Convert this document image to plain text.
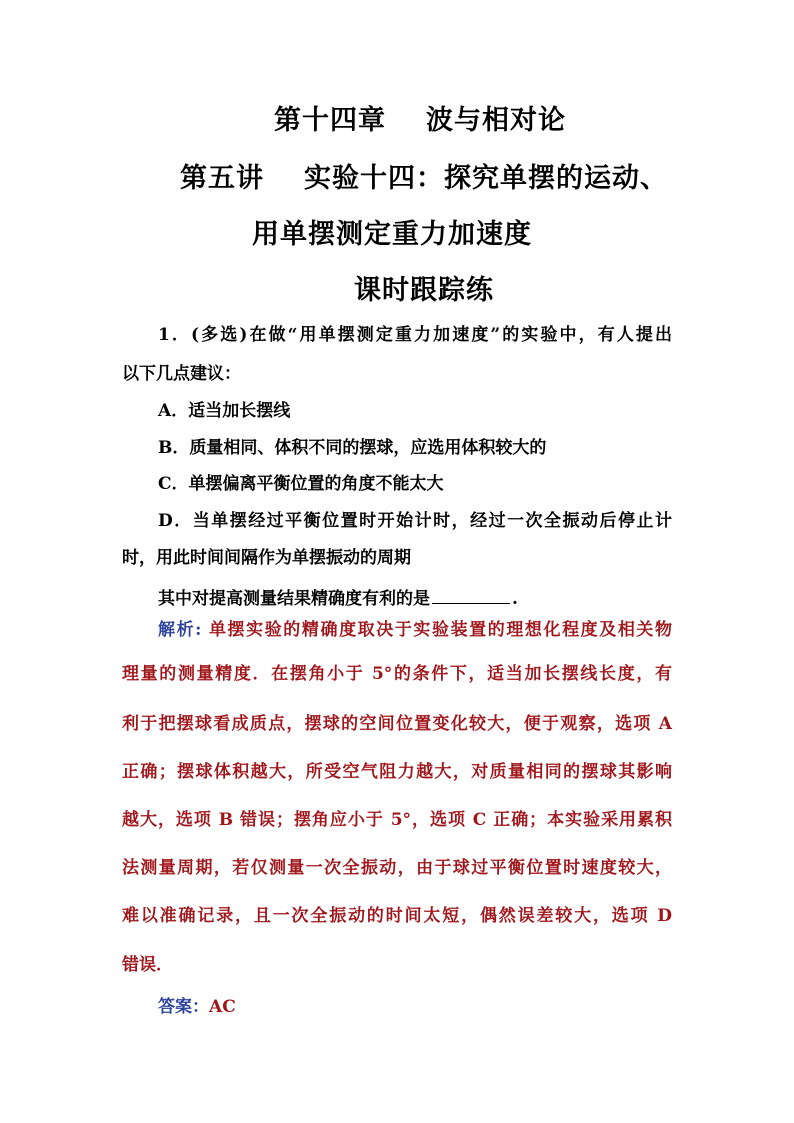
第十四章 波与相对论
第五讲 实验十四：探究单摆的运动、
用单摆测定重力加速度
课时跟踪练
1．(多选)在做“用单摆测定重力加速度”的实验中，有人提出
以下几点建议：
A．适当加长摆线
B．质量相同、体积不同的摆球，应选用体积较大的
C．单摆偏离平衡位置的角度不能太大
D．当单摆经过平衡位置时开始计时，经过一次全振动后停止计
时，用此时间间隔作为单摆振动的周期
其中对提高测量结果精确度有利的是	.
解析: 单摆实验的精确度取决于实验装置的理想化程度及相关物
理量的测量精度．在摆角小于 5°的条件下，适当加长摆线长度，有
利于把摆球看成质点，摆球的空间位置变化较大，便于观察，选项 A
正确；摆球体积越大，所受空气阻力越大，对质量相同的摆球其影响
越大，选项 B 错误；摆角应小于 5°，选项 C 正确；本实验采用累积
法测量周期，若仅测量一次全振动，由于球过平衡位置时速度较大，
难以准确记录，且一次全振动的时间太短，偶然误差较大，选项 D
错误．
答案：AC
